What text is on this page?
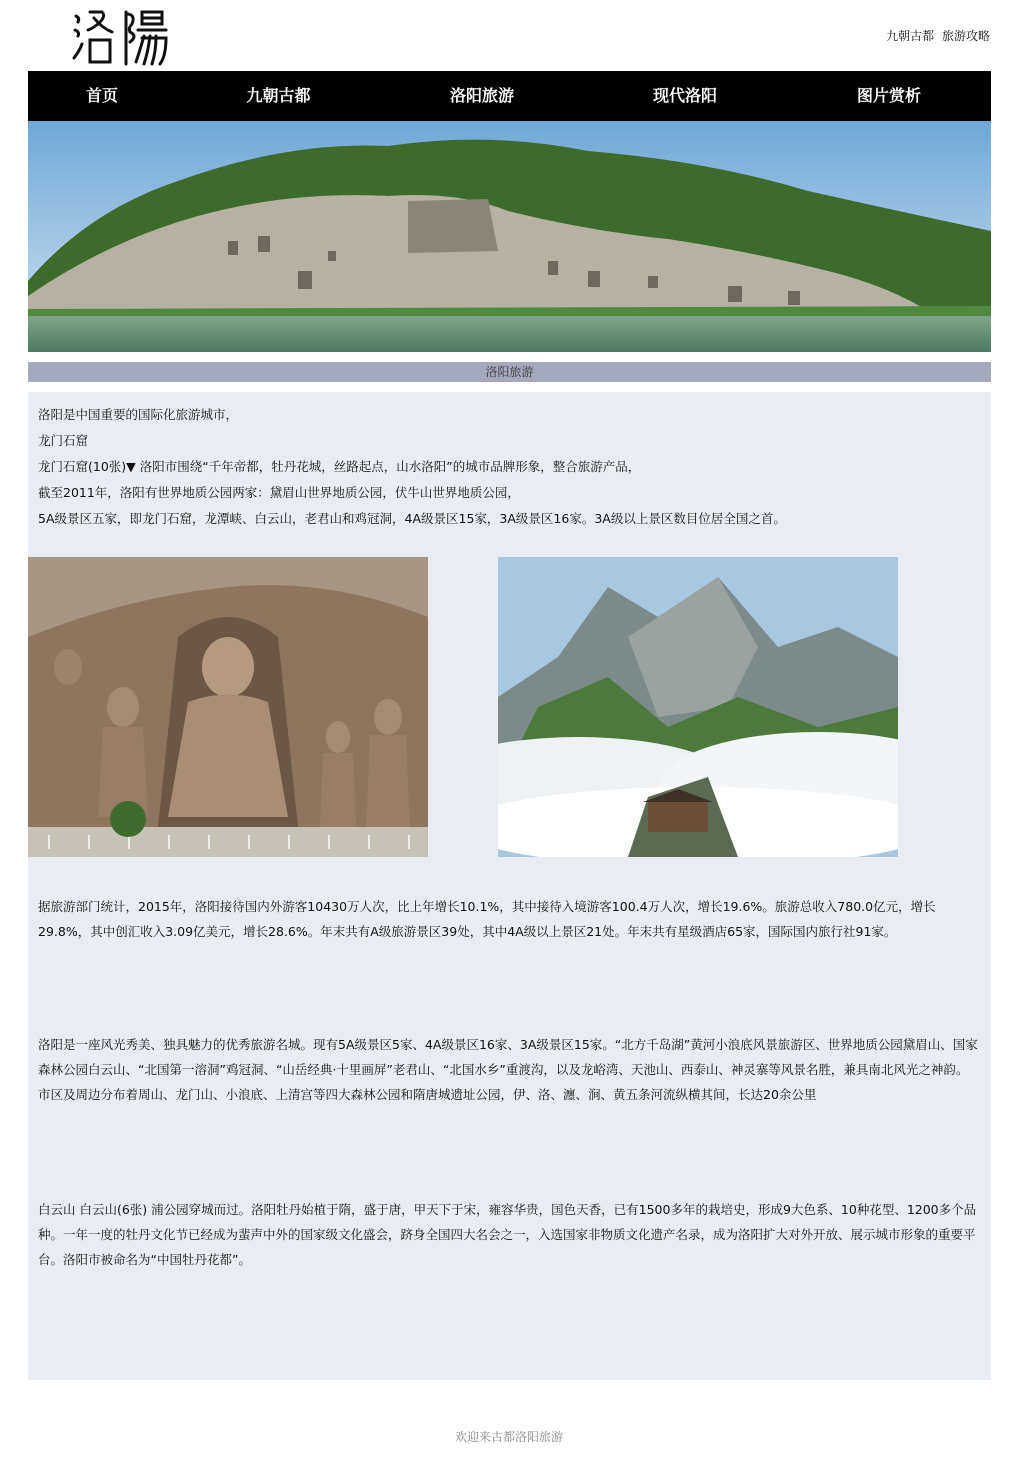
九朝古都 旅游攻略
首页	九朝古都	洛阳旅游	现代洛阳	图片赏析
洛阳旅游

洛阳是中国重要的国际化旅游城市，

龙门石窟

龙门石窟(10张)▼ 洛阳市围绕“千年帝都，牡丹花城，丝路起点，山水洛阳”的城市品牌形象，整合旅游产品，

截至2011年，洛阳有世界地质公园两家：黛眉山世界地质公园，伏牛山世界地质公园，

5A级景区五家，即龙门石窟，龙潭峡、白云山，老君山和鸡冠洞，4A级景区15家，3A级景区16家。3A级以上景区数目位居全国之首。

据旅游部门统计，2015年，洛阳接待国内外游客10430万人次，比上年增长10.1%，其中接待入境游客100.4万人次，增长19.6%。旅游总收入780.0亿元，增长29.8%，其中创汇收入3.09亿美元，增长28.6%。年末共有A级旅游景区39处，其中4A级以上景区21处。年末共有星级酒店65家，国际国内旅行社91家。

洛阳是一座风光秀美、独具魅力的优秀旅游名城。现有5A级景区5家、4A级景区16家、3A级景区15家。“北方千岛湖”黄河小浪底风景旅游区、世界地质公园黛眉山、国家森林公园白云山、“北国第一溶洞”鸡冠洞、“山岳经典·十里画屏”老君山、“北国水乡”重渡沟，以及龙峪湾、天池山、西泰山、神灵寨等风景名胜，兼具南北风光之神韵。市区及周边分布着周山、龙门山、小浪底、上清宫等四大森林公园和隋唐城遗址公园，伊、洛、瀍、涧、黄五条河流纵横其间，长达20余公里

白云山 白云山(6张) 浦公园穿城而过。洛阳牡丹始植于隋，盛于唐，甲天下于宋，雍容华贵，国色天香，已有1500多年的栽培史，形成9大色系、10种花型、1200多个品种。一年一度的牡丹文化节已经成为蜚声中外的国家级文化盛会，跻身全国四大名会之一，入选国家非物质文化遗产名录，成为洛阳扩大对外开放、展示城市形象的重要平台。洛阳市被命名为“中国牡丹花都”。

欢迎来古都洛阳旅游
